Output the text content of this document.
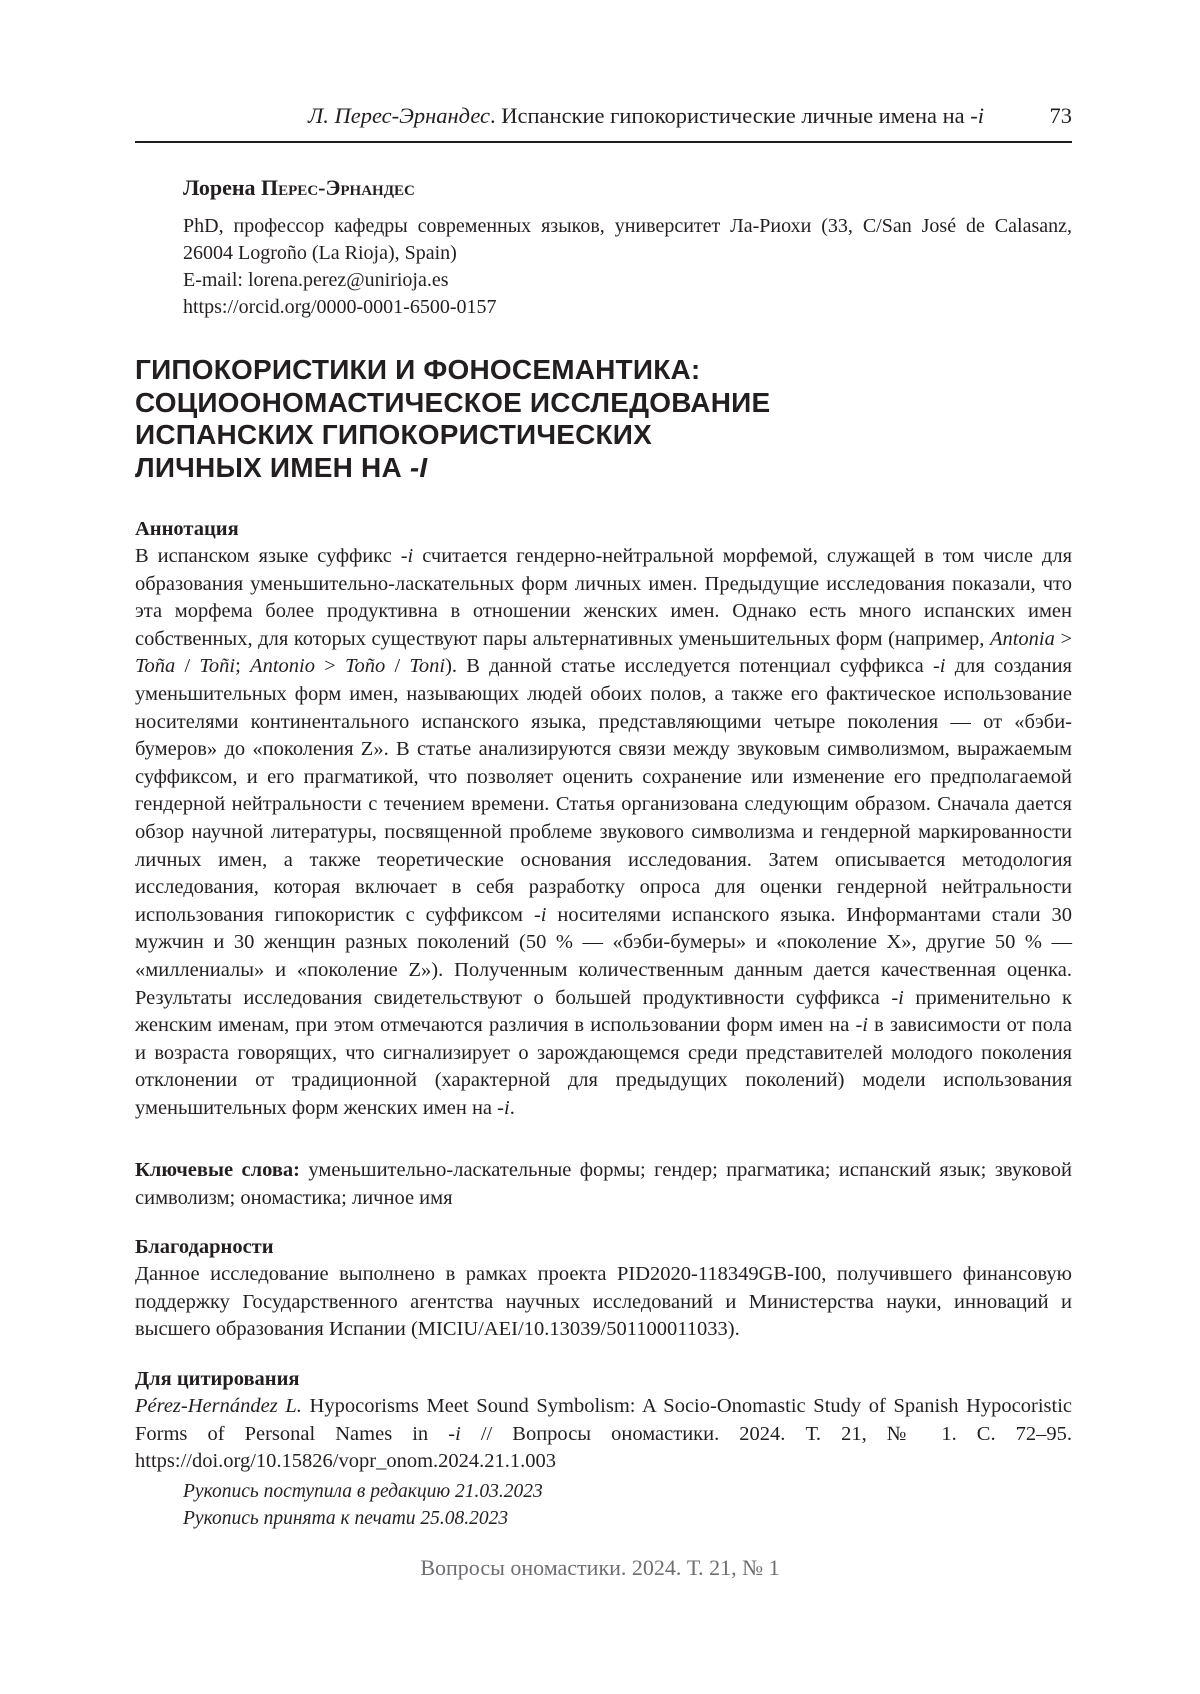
Л. Перес-Эрнандес. Испанские гипокористические личные имена на -i	73
Лорена Перес-Эрнандес
PhD, профессор кафедры современных языков, университет Ла-Риохи (33, C/San José de Calasanz, 26004 Logroño (La Rioja), Spain)
E-mail: lorena.perez@unirioja.es
https://orcid.org/0000-0001-6500-0157
ГИПОКОРИСТИКИ И ФОНОСЕМАНТИКА:
СОЦИООНОМАСТИЧЕСКОЕ ИССЛЕДОВАНИЕ
ИСПАНСКИХ ГИПОКОРИСТИЧЕСКИХ
ЛИЧНЫХ ИМЕН НА -I
Аннотация

В испанском языке суффикс -i считается гендерно-нейтральной морфемой, служащей в том числе для образования уменьшительно-ласкательных форм личных имен. Предыдущие исследования показали, что эта морфема более продуктивна в отношении женских имен. Однако есть много испанских имен собственных, для которых существуют пары альтернативных уменьшительных форм (например, Antonia > Toña / Toñi; Antonio > Toño / Toni). В данной статье исследуется потенциал суффикса -i для создания уменьшительных форм имен, называющих людей обоих полов, а также его фактическое использование носителями континентального испанского языка, представляющими четыре поколения — от «бэби-бумеров» до «поколения Z». В статье анализируются связи между звуковым символизмом, выражаемым суффиксом, и его прагматикой, что позволяет оценить сохранение или изменение его предполагаемой гендерной нейтральности с течением времени. Статья организована следующим образом. Сначала дается обзор научной литературы, посвященной проблеме звукового символизма и гендерной маркированности личных имен, а также теоретические основания исследования. Затем описывается методология исследования, которая включает в себя разработку опроса для оценки гендерной нейтральности использования гипокористик с суффиксом -i носителями испанского языка. Информантами стали 30 мужчин и 30 женщин разных поколений (50 % — «бэби-бумеры» и «поколение X», другие 50 % — «миллениалы» и «поколение Z»). Полученным количественным данным дается качественная оценка. Результаты исследования свидетельствуют о большей продуктивности суффикса -i применительно к женским именам, при этом отмечаются различия в использовании форм имен на -i в зависимости от пола и возраста говорящих, что сигнализирует о зарождающемся среди представителей молодого поколения отклонении от традиционной (характерной для предыдущих поколений) модели использования уменьшительных форм женских имен на -i.

Ключевые слова: уменьшительно-ласкательные формы; гендер; прагматика; испанский язык; звуковой символизм; ономастика; личное имя

Благодарности

Данное исследование выполнено в рамках проекта PID2020-118349GB-I00, получившего финансовую поддержку Государственного агентства научных исследований и Министерства науки, инноваций и высшего образования Испании (MICIU/AEI/10.13039/501100011033).

Для цитирования

Pérez-Hernández L. Hypocorisms Meet Sound Symbolism: A Socio-Onomastic Study of Spanish Hypocoristic Forms of Personal Names in -i // Вопросы ономастики. 2024. Т. 21, № 1. С. 72–95. https://doi.org/10.15826/vopr_onom.2024.21.1.003

Рукопись поступила в редакцию 21.03.2023
Рукопись принята к печати 25.08.2023
Вопросы ономастики. 2024. Т. 21, № 1
